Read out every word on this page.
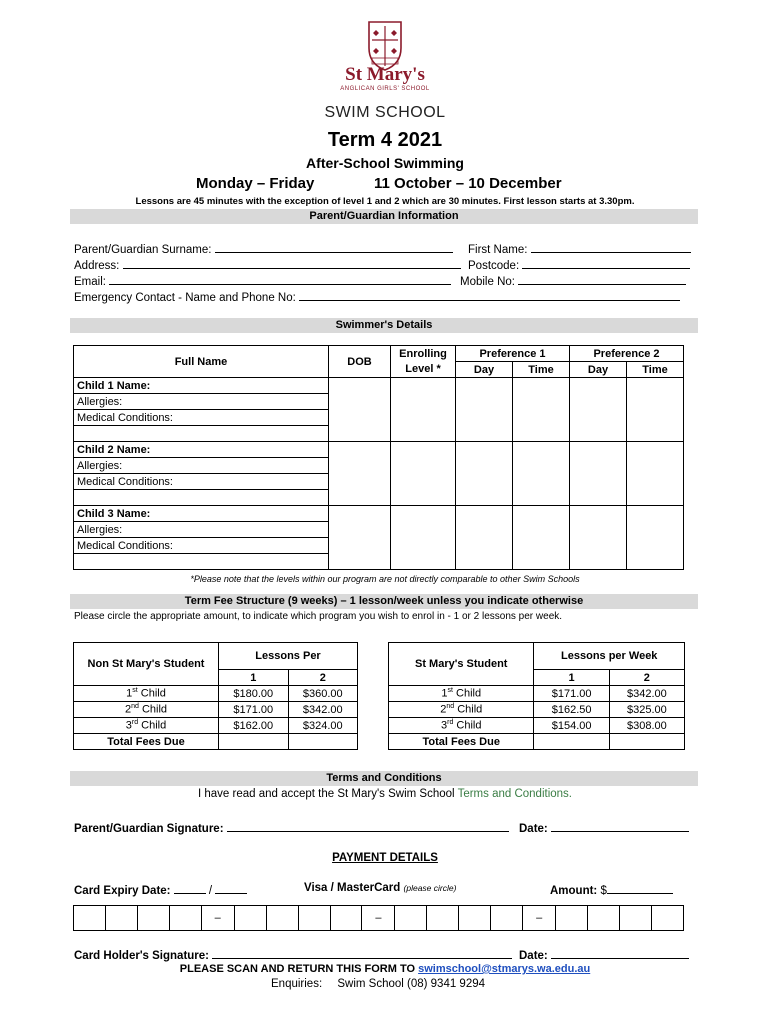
St Mary's
ANGLICAN GIRLS' SCHOOL
SWIM SCHOOL
Term 4 2021
After-School Swimming
Monday – Friday	11 October – 10 December
Lessons are 45 minutes with the exception of level 1 and 2 which are 30 minutes. First lesson starts at 3.30pm.
Parent/Guardian Information
Parent/Guardian Surname:	First Name:
Address:	Postcode:
Email:	Mobile No:
Emergency Contact - Name and Phone No:
Swimmer's Details
Full Name	DOB	Enrolling	Preference 1		Preference 2	
		Level *	Day	Time	Day	Time
Child 1 Name:						
Allergies:						
Medical Conditions:						

Child 2 Name:						
Allergies:						
Medical Conditions:						

Child 3 Name:						
Allergies:						
Medical Conditions:						

*Please note that the levels within our program are not directly comparable to other Swim Schools
Term Fee Structure (9 weeks) – 1 lesson/week unless you indicate otherwise
Please circle the appropriate amount, to indicate which program you wish to enrol in - 1 or 2 lessons per week.
Non St Mary's Student	Lessons Per	
	1	2
1st Child	$180.00	$360.00
2nd Child	$171.00	$342.00
3rd Child	$162.00	$324.00
Total Fees Due		
St Mary's Student	Lessons per Week	
	1	2
1st Child	$171.00	$342.00
2nd Child	$162.50	$325.00
3rd Child	$154.00	$308.00
Total Fees Due		
Terms and Conditions
I have read and accept the St Mary's Swim School Terms and Conditions.
Parent/Guardian Signature:	Date:
PAYMENT DETAILS
Card Expiry Date:	/	Visa / MasterCard (please circle)	Amount: $
				–					–					–				
Card Holder's Signature:	Date:
PLEASE SCAN AND RETURN THIS FORM TO swimschool@stmarys.wa.edu.au
Enquiries: Swim School (08) 9341 9294
